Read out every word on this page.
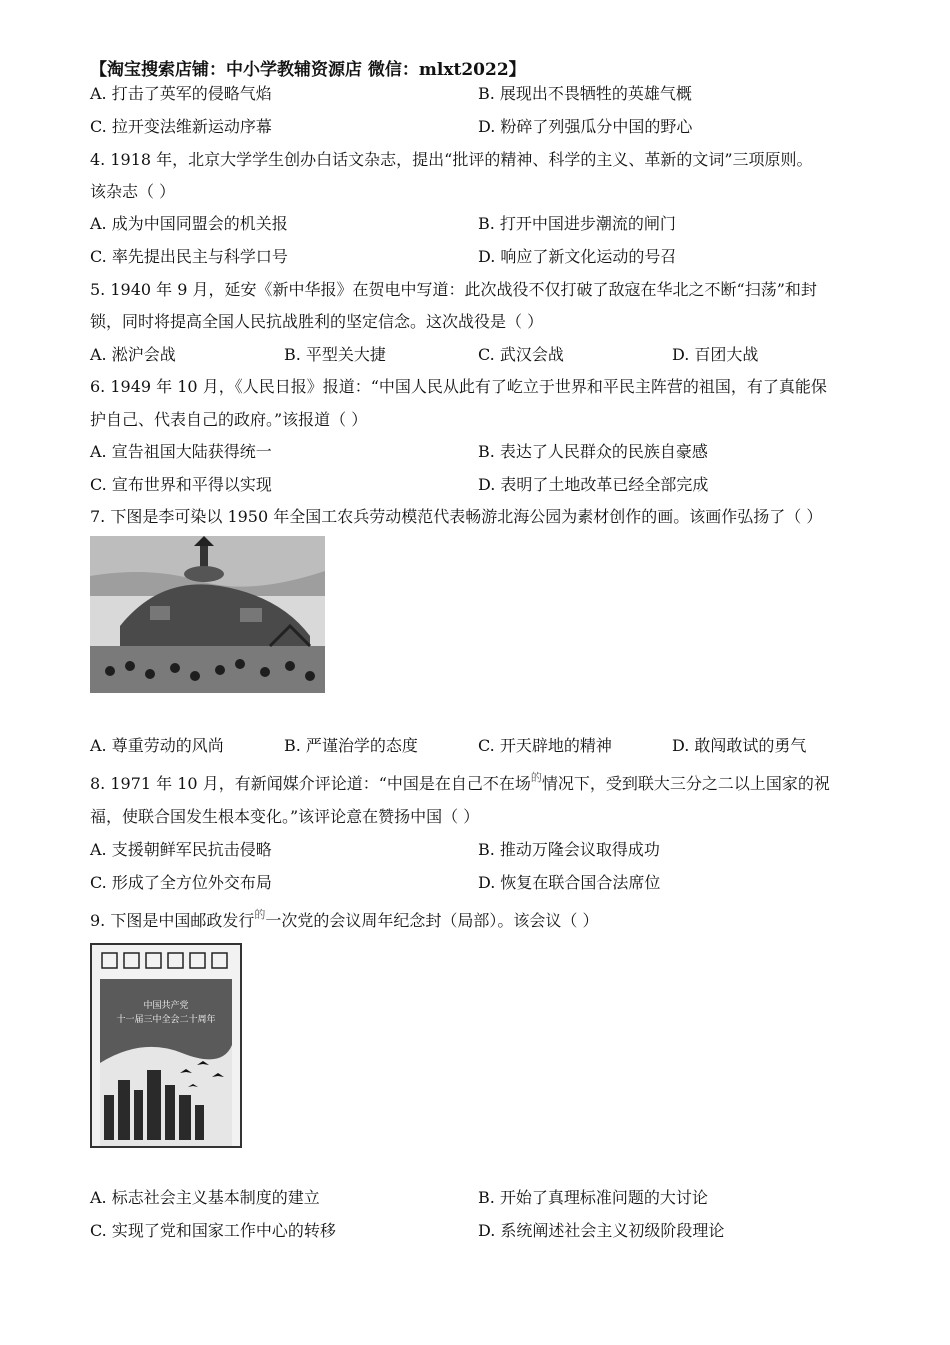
【淘宝搜索店铺：中小学教辅资源店 微信：mlxt2022】
A. 打击了英军的侵略气焰	B. 展现出不畏牺牲的英雄气概
C. 拉开变法维新运动序幕	D. 粉碎了列强瓜分中国的野心
4. 1918 年，北京大学学生创办白话文杂志，提出“批评的精神、科学的主义、革新的文词”三项原则。
该杂志（ ）
A. 成为中国同盟会的机关报	B. 打开中国进步潮流的闸门
C. 率先提出民主与科学口号	D. 响应了新文化运动的号召
5. 1940 年 9 月，延安《新中华报》在贺电中写道：此次战役不仅打破了敌寇在华北之不断“扫荡”和封
锁，同时将提高全国人民抗战胜利的坚定信念。这次战役是（ ）
A. 淞沪会战	B. 平型关大捷	C. 武汉会战	D. 百团大战
6. 1949 年 10 月，《人民日报》报道：“中国人民从此有了屹立于世界和平民主阵营的祖国，有了真能保
护自己、代表自己的政府。”该报道（ ）
A. 宣告祖国大陆获得统一	B. 表达了人民群众的民族自豪感
C. 宣布世界和平得以实现	D. 表明了土地改革已经全部完成
7. 下图是李可染以 1950 年全国工农兵劳动模范代表畅游北海公园为素材创作的画。该画作弘扬了（ ）
A. 尊重劳动的风尚	B. 严谨治学的态度	C. 开天辟地的精神	D. 敢闯敢试的勇气
8. 1971 年 10 月，有新闻媒介评论道：“中国是在自己不在场$^的$情况下，受到联大三分之二以上国家的祝
福，使联合国发生根本变化。”该评论意在赞扬中国（ ）
A. 支援朝鲜军民抗击侵略	B. 推动万隆会议取得成功
C. 形成了全方位外交布局	D. 恢复在联合国合法席位
9. 下图是中国邮政发行$^的$一次党的会议周年纪念封（局部）。该会议（ ）
中国共产党
十一届三中全会二十周年
A. 标志社会主义基本制度的建立	B. 开始了真理标准问题的大讨论
C. 实现了党和国家工作中心的转移	D. 系统阐述社会主义初级阶段理论
